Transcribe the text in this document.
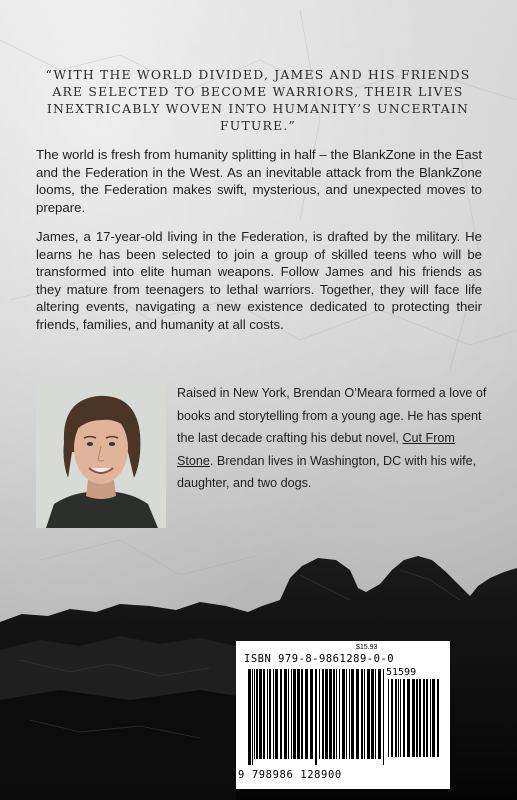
“WITH THE WORLD DIVIDED, JAMES AND HIS FRIENDS ARE SELECTED TO BECOME WARRIORS, THEIR LIVES INEXTRICABLY WOVEN INTO HUMANITY’S UNCERTAIN FUTURE.”
The world is fresh from humanity splitting in half – the BlankZone in the East and the Federation in the West. As an inevitable attack from the BlankZone looms, the Federation makes swift, mysterious, and unexpected moves to prepare.
James, a 17-year-old living in the Federation, is drafted by the military. He learns he has been selected to join a group of skilled teens who will be transformed into elite human weapons. Follow James and his friends as they mature from teenagers to lethal warriors. Together, they will face life altering events, navigating a new existence dedicated to protecting their friends, families, and humanity at all costs.
Raised in New York, Brendan O’Meara formed a love of books and storytelling from a young age. He has spent the last decade crafting his debut novel, Cut From Stone. Brendan lives in Washington, DC with his wife, daughter, and two dogs.
$15.93
ISBN 979-8-9861289-0-0
51599
9 798986 128900
